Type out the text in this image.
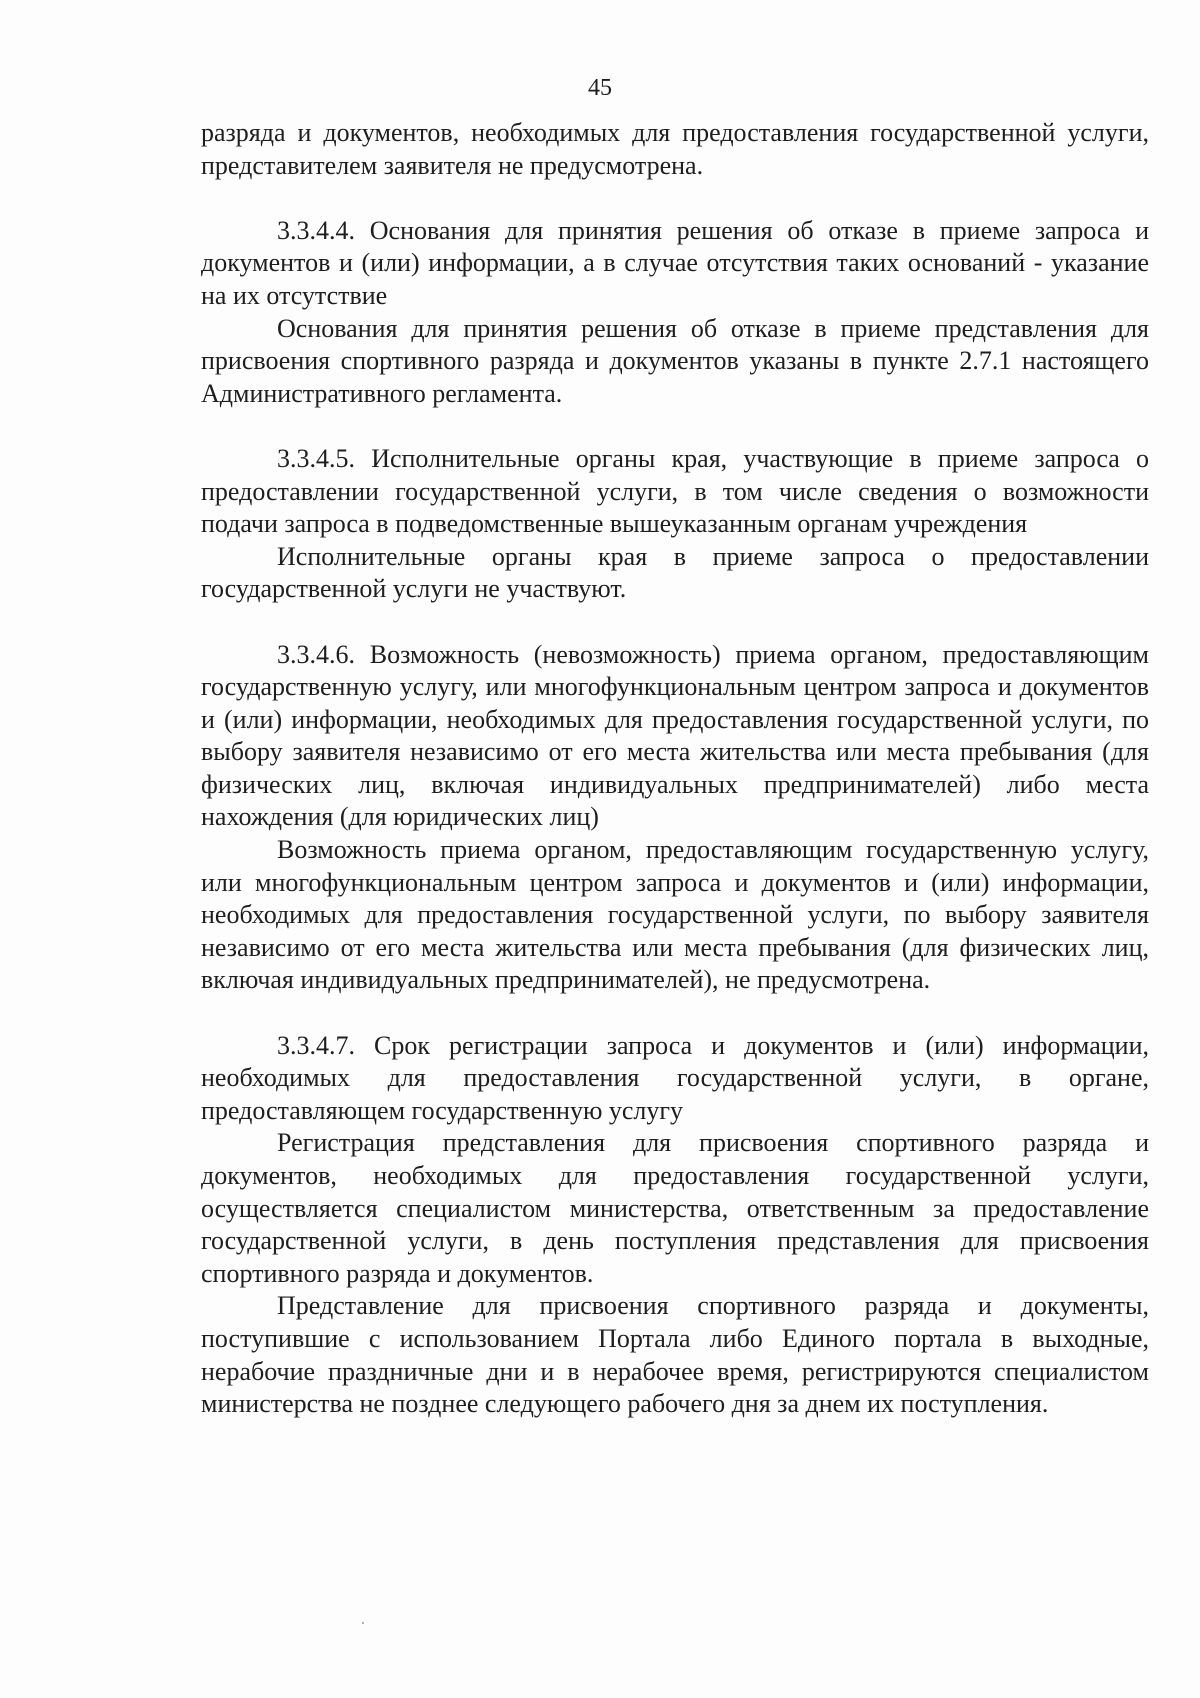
45

разряда и документов, необходимых для предоставления государственной услуги, представителем заявителя не предусмотрена.

3.3.4.4. Основания для принятия решения об отказе в приеме запроса и документов и (или) информации, а в случае отсутствия таких оснований - указание на их отсутствие

Основания для принятия решения об отказе в приеме представления для присвоения спортивного разряда и документов указаны в пункте 2.7.1 настоящего Административного регламента.

3.3.4.5. Исполнительные органы края, участвующие в приеме запроса о предоставлении государственной услуги, в том числе сведения о возможности подачи запроса в подведомственные вышеуказанным органам учреждения

Исполнительные органы края в приеме запроса о предоставлении государственной услуги не участвуют.

3.3.4.6. Возможность (невозможность) приема органом, предоставляющим государственную услугу, или многофункциональным центром запроса и документов и (или) информации, необходимых для предоставления государственной услуги, по выбору заявителя независимо от его места жительства или места пребывания (для физических лиц, включая индивидуальных предпринимателей) либо места нахождения (для юридических лиц)

Возможность приема органом, предоставляющим государственную услугу, или многофункциональным центром запроса и документов и (или) информации, необходимых для предоставления государственной услуги, по выбору заявителя независимо от его места жительства или места пребывания (для физических лиц, включая индивидуальных предпринимателей), не предусмотрена.

3.3.4.7. Срок регистрации запроса и документов и (или) информации, необходимых для предоставления государственной услуги, в органе, предоставляющем государственную услугу

Регистрация представления для присвоения спортивного разряда и документов, необходимых для предоставления государственной услуги, осуществляется специалистом министерства, ответственным за предоставление государственной услуги, в день поступления представления для присвоения спортивного разряда и документов.

Представление для присвоения спортивного разряда и документы, поступившие с использованием Портала либо Единого портала в выходные, нерабочие праздничные дни и в нерабочее время, регистрируются специалистом министерства не позднее следующего рабочего дня за днем их поступления.
